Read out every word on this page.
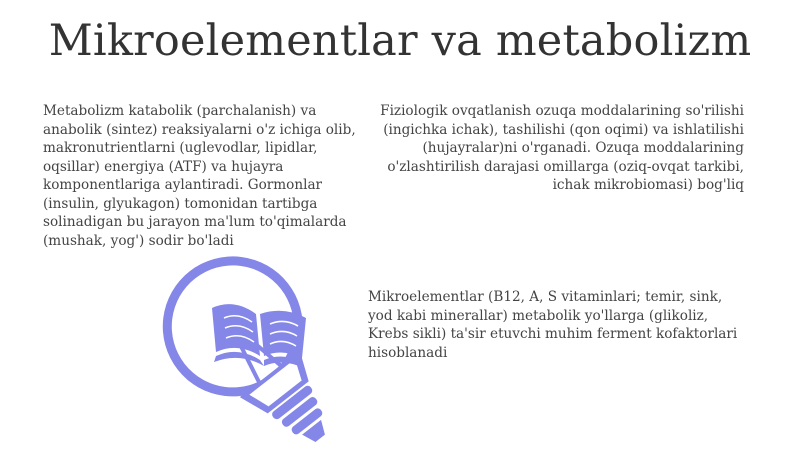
Mikroelementlar va metabolizm
Metabolizm katabolik (parchalanish) va anabolik (sintez) reaksiyalarni o'z ichiga olib, makronutrientlarni (uglevodlar, lipidlar, oqsillar) energiya (ATF) va hujayra komponentlariga aylantiradi. Gormonlar (insulin, glyukagon) tomonidan tartibga solinadigan bu jarayon ma'lum to'qimalarda (mushak, yog') sodir bo'ladi
Fiziologik ovqatlanish ozuqa moddalarining so'rilishi (ingichka ichak), tashilishi (qon oqimi) va ishlatilishi (hujayralar)ni o'rganadi. Ozuqa moddalarining o'zlashtirilish darajasi omillarga (oziq-ovqat tarkibi, ichak mikrobiomasi) bog'liq
Mikroelementlar (B12, A, S vitaminlari; temir, sink, yod kabi minerallar) metabolik yo'llarga (glikoliz, Krebs sikli) ta'sir etuvchi muhim ferment kofaktorlari hisoblanadi
